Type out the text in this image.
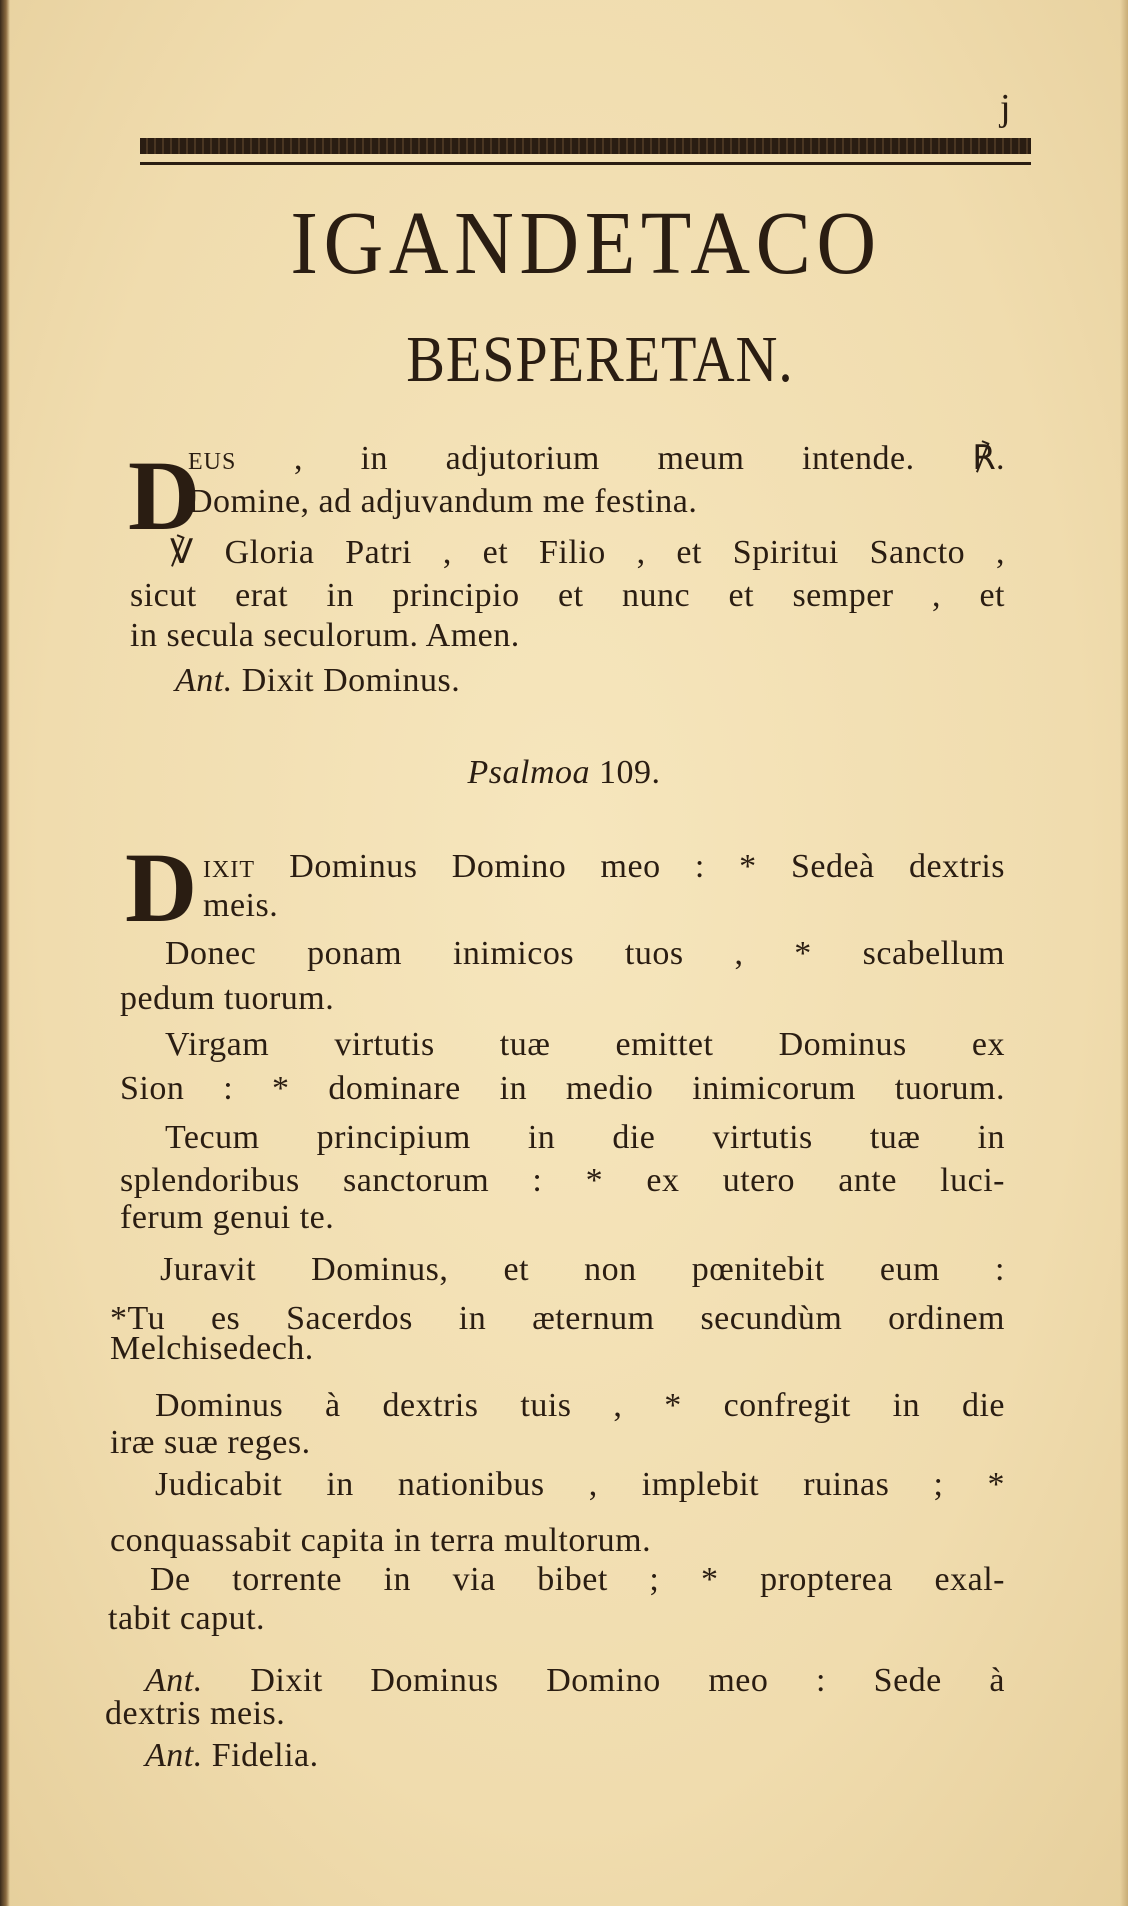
j
IGANDETACO
BESPERETAN.
D
D
EUS , in adjutorium meum intende. ℟.
Domine, ad adjuvandum me festina.
℣ Gloria Patri , et Filio , et Spiritui Sancto ,
sicut erat in principio et nunc et semper , et
in secula seculorum. Amen.
Ant. Dixit Dominus.
Psalmoa 109.
IXIT Dominus Domino meo : * Sedeà dextris
meis.
Donec ponam inimicos tuos , * scabellum
pedum tuorum.
Virgam virtutis tuæ emittet Dominus ex
Sion : * dominare in medio inimicorum tuorum.
Tecum principium in die virtutis tuæ in
splendoribus sanctorum : * ex utero ante luci-
ferum genui te.
Juravit Dominus, et non pœnitebit eum :
*Tu es Sacerdos in æternum secundùm ordinem
Melchisedech.
Dominus à dextris tuis , * confregit in die
iræ suæ reges.
Judicabit in nationibus , implebit ruinas ; *
conquassabit capita in terra multorum.
De torrente in via bibet ; * propterea exal-
tabit caput.
Ant. Dixit Dominus Domino meo : Sede à
dextris meis.
Ant. Fidelia.
